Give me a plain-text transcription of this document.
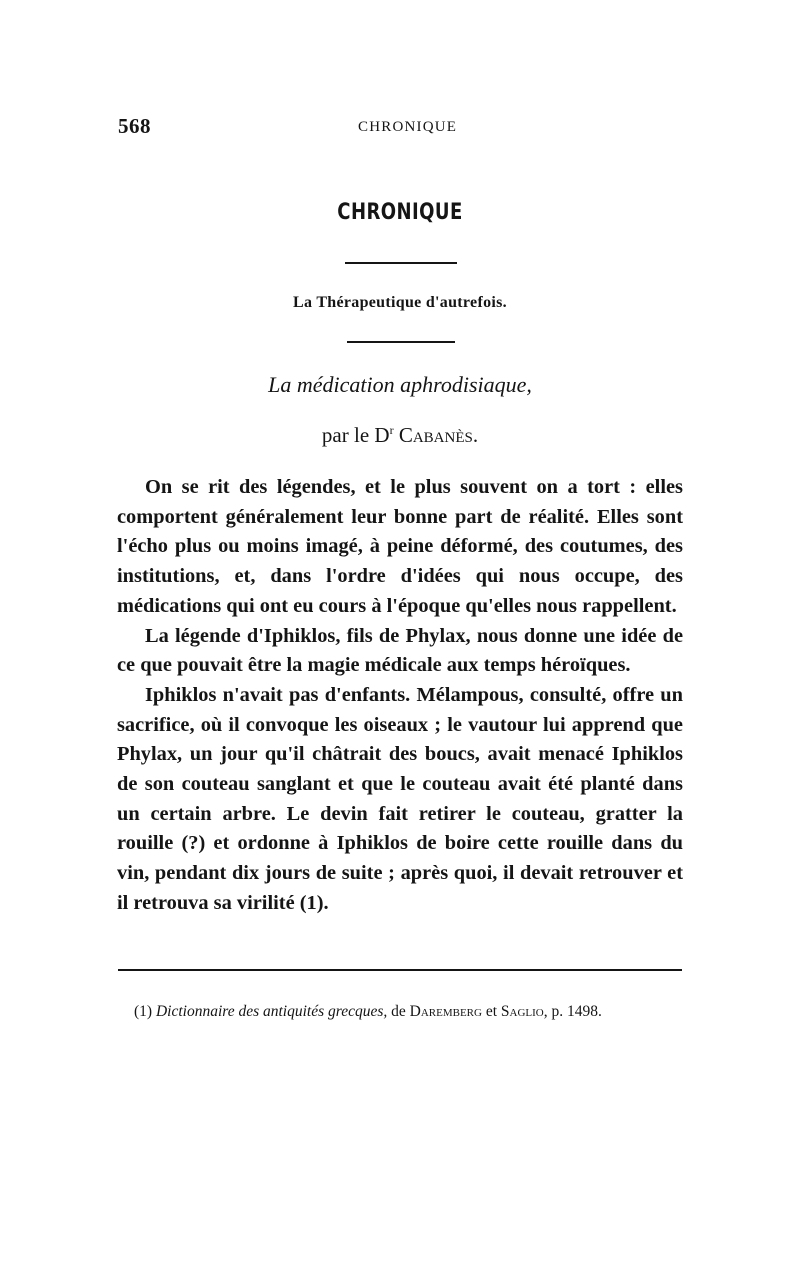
568	CHRONIQUE
CHRONIQUE
La Thérapeutique d'autrefois.
La médication aphrodisiaque,
par le $D^r$ Cabanès.

On se rit des légendes, et le plus souvent on a tort : elles comportent généralement leur bonne part de réalité. Elles sont l'écho plus ou moins imagé, à peine déformé, des coutumes, des institutions, et, dans l'ordre d'idées qui nous occupe, des médications qui ont eu cours à l'époque qu'elles nous rappellent.

La légende d'Iphiklos, fils de Phylax, nous donne une idée de ce que pouvait être la magie médicale aux temps héroïques.

Iphiklos n'avait pas d'enfants. Mélampous, consulté, offre un sacrifice, où il convoque les oiseaux ; le vautour lui apprend que Phylax, un jour qu'il châtrait des boucs, avait menacé Iphiklos de son couteau sanglant et que le couteau avait été planté dans un certain arbre. Le devin fait retirer le couteau, gratter la rouille (?) et ordonne à Iphiklos de boire cette rouille dans du vin, pendant dix jours de suite ; après quoi, il devait retrouver et il retrouva sa virilité (1).

(1) Dictionnaire des antiquités grecques, de Daremberg et Saglio, p. 1498.
